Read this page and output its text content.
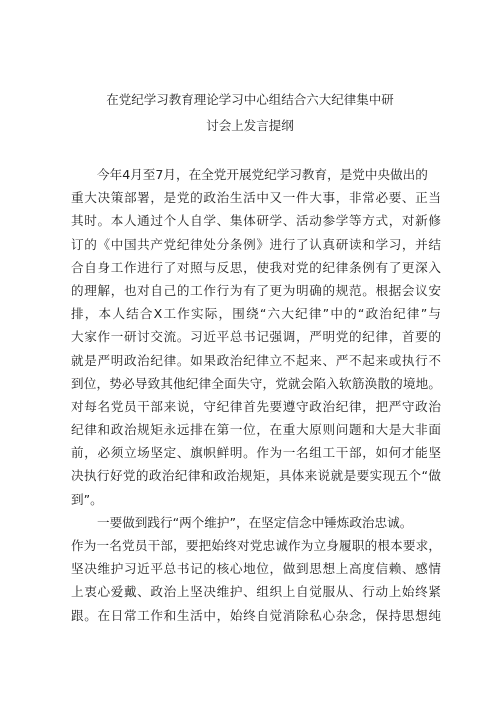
在党纪学习教育理论学习中心组结合六大纪律集中研
讨会上发言提纲
今年4月至7月，在全党开展党纪学习教育，是党中央做出的
重大决策部署，是党的政治生活中又一件大事，非常必要、正当
其时。本人通过个人自学、集体研学、活动参学等方式，对新修
订的《中国共产党纪律处分条例》进行了认真研读和学习，并结
合自身工作进行了对照与反思，使我对党的纪律条例有了更深入
的理解，也对自己的工作行为有了更为明确的规范。根据会议安
排，本人结合X工作实际，围绕“六大纪律”中的“政治纪律”与
大家作一研讨交流。习近平总书记强调，严明党的纪律，首要的
就是严明政治纪律。如果政治纪律立不起来、严不起来或执行不
到位，势必导致其他纪律全面失守，党就会陷入软筋涣散的境地。
对每名党员干部来说，守纪律首先要遵守政治纪律，把严守政治
纪律和政治规矩永远排在第一位，在重大原则问题和大是大非面
前，必须立场坚定、旗帜鲜明。作为一名组工干部，如何才能坚
决执行好党的政治纪律和政治规矩，具体来说就是要实现五个“做
到”。
一要做到践行“两个维护”，在坚定信念中锤炼政治忠诚。
作为一名党员干部，要把始终对党忠诚作为立身履职的根本要求，
坚决维护习近平总书记的核心地位，做到思想上高度信赖、感情
上衷心爱戴、政治上坚决维护、组织上自觉服从、行动上始终紧
跟。在日常工作和生活中，始终自觉消除私心杂念，保持思想纯
